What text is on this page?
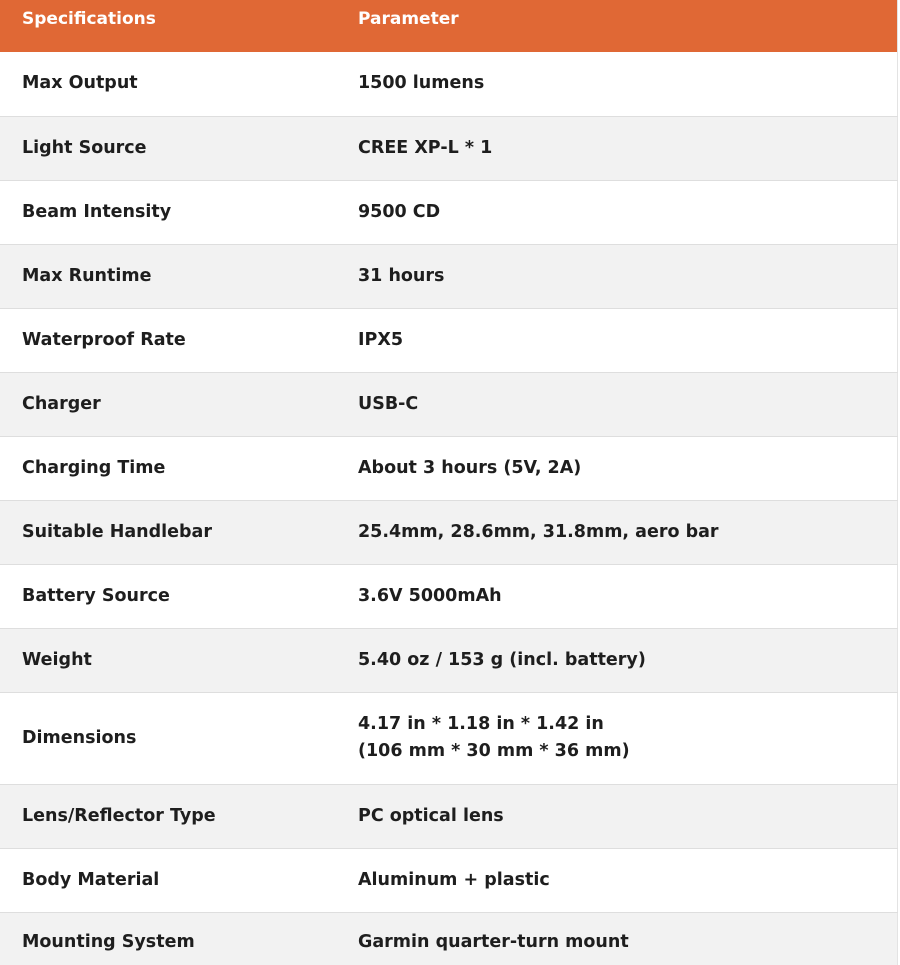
Specifications	Parameter
Max Output	1500 lumens
Light Source	CREE XP-L * 1
Beam Intensity	9500 CD
Max Runtime	31 hours
Waterproof Rate	IPX5
Charger	USB-C
Charging Time	About 3 hours (5V, 2A)
Suitable Handlebar	25.4mm, 28.6mm, 31.8mm, aero bar
Battery Source	3.6V 5000mAh
Weight	5.40 oz / 153 g (incl. battery)
Dimensions	4.17 in * 1.18 in * 1.42 in
(106 mm * 30 mm * 36 mm)

Lens/Reflector Type	PC optical lens
Body Material	Aluminum + plastic
Mounting System	Garmin quarter-turn mount
